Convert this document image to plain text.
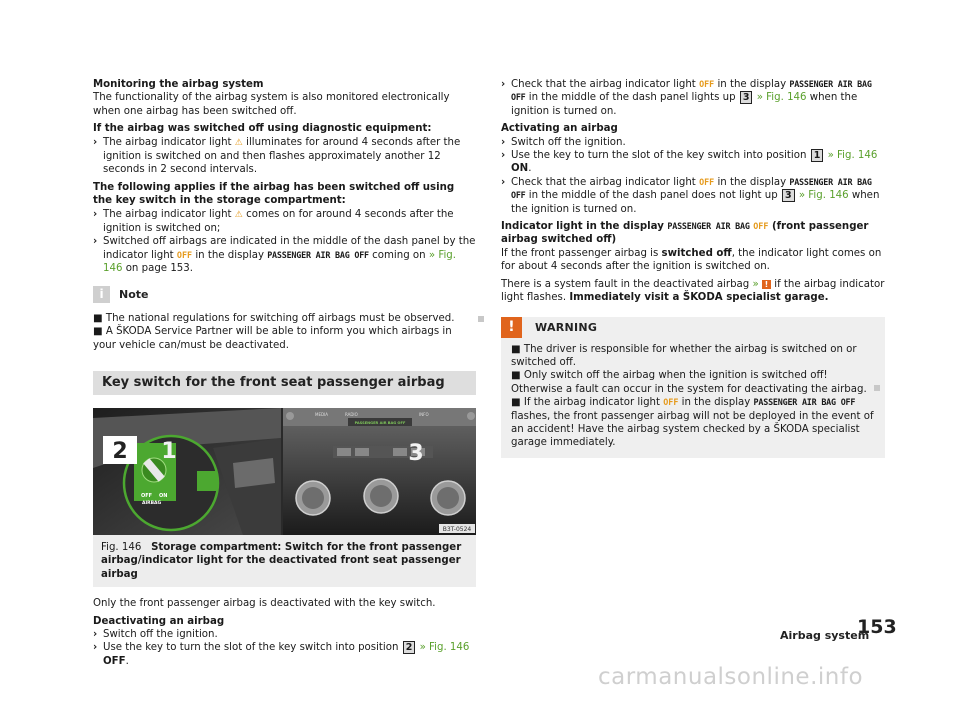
Monitoring the airbag system

The functionality of the airbag system is also monitored electronically when one airbag has been switched off.

If the airbag was switched off using diagnostic equipment:

› The airbag indicator light ⚠ illuminates for around 4 seconds after the ignition is switched on and then flashes approximately another 12 seconds in 2 second intervals.

The following applies if the airbag has been switched off using the key switch in the storage compartment:

› The airbag indicator light ⚠ comes on for around 4 seconds after the ignition is switched on;
› Switched off airbags are indicated in the middle of the dash panel by the indicator light OFF in the display PASSENGER AIR BAG OFF coming on » Fig. 146 on page 153.
i	Note

■ The national regulations for switching off airbags must be observed.

■ A ŠKODA Service Partner will be able to inform you which airbags in your vehicle can/must be deactivated.

Key switch for the front seat passenger airbag
OFF ON
AIRBAG
2 1
MEDIA	RADIO	INFO
PASSENGER AIR BAG OFF
3
B3T-0524
Fig. 146 Storage compartment: Switch for the front passenger airbag/indicator light for the deactivated front seat passenger airbag

Only the front passenger airbag is deactivated with the key switch.

Deactivating an airbag

› Switch off the ignition.
› Use the key to turn the slot of the key switch into position 2 » Fig. 146 OFF.
› Check that the airbag indicator light OFF in the display PASSENGER AIR BAG OFF in the middle of the dash panel lights up 3 » Fig. 146 when the ignition is turned on.

Activating an airbag

› Switch off the ignition.
› Use the key to turn the slot of the key switch into position 1 » Fig. 146 ON.
› Check that the airbag indicator light OFF in the display PASSENGER AIR BAG OFF in the middle of the dash panel does not light up 3 » Fig. 146 when the ignition is turned on.

Indicator light in the display PASSENGER AIR BAG OFF (front passenger airbag switched off)

If the front passenger airbag is switched off, the indicator light comes on for about 4 seconds after the ignition is switched on.

There is a system fault in the deactivated airbag » ! if the airbag indicator light flashes. Immediately visit a ŠKODA specialist garage.

!	WARNING

■ The driver is responsible for whether the airbag is switched on or switched off.

■ Only switch off the airbag when the ignition is switched off! Otherwise a fault can occur in the system for deactivating the airbag.

■ If the airbag indicator light OFF in the display PASSENGER AIR BAG OFF flashes, the front passenger airbag will not be deployed in the event of an accident! Have the airbag system checked by a ŠKODA specialist garage immediately.

Airbag system
153
carmanualsonline.info
